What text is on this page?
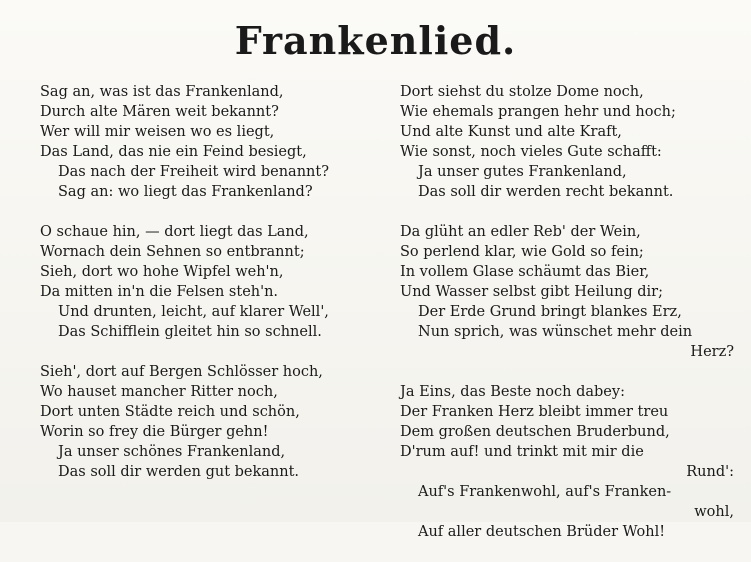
Frankenlied.
Sag an, was ist das Frankenland,
Durch alte Mären weit bekannt?
Wer will mir weisen wo es liegt,
Das Land, das nie ein Feind besiegt,
Das nach der Freiheit wird benannt?
Sag an: wo liegt das Frankenland?
O schaue hin, — dort liegt das Land,
Wornach dein Sehnen so entbrannt;
Sieh, dort wo hohe Wipfel weh'n,
Da mitten in'n die Felsen steh'n.
Und drunten, leicht, auf klarer Well',
Das Schifflein gleitet hin so schnell.
Sieh', dort auf Bergen Schlösser hoch,
Wo hauset mancher Ritter noch,
Dort unten Städte reich und schön,
Worin so frey die Bürger gehn!
Ja unser schönes Frankenland,
Das soll dir werden gut bekannt.
Dort siehst du stolze Dome noch,
Wie ehemals prangen hehr und hoch;
Und alte Kunst und alte Kraft,
Wie sonst, noch vieles Gute schafft:
Ja unser gutes Frankenland,
Das soll dir werden recht bekannt.
Da glüht an edler Reb' der Wein,
So perlend klar, wie Gold so fein;
In vollem Glase schäumt das Bier,
Und Wasser selbst gibt Heilung dir;
Der Erde Grund bringt blankes Erz,
Nun sprich, was wünschet mehr dein
Herz?
Ja Eins, das Beste noch dabey:
Der Franken Herz bleibt immer treu
Dem großen deutschen Bruderbund,
D'rum auf! und trinkt mit mir die
Rund':
Auf's Frankenwohl, auf's Franken-
wohl,
Auf aller deutschen Brüder Wohl!
